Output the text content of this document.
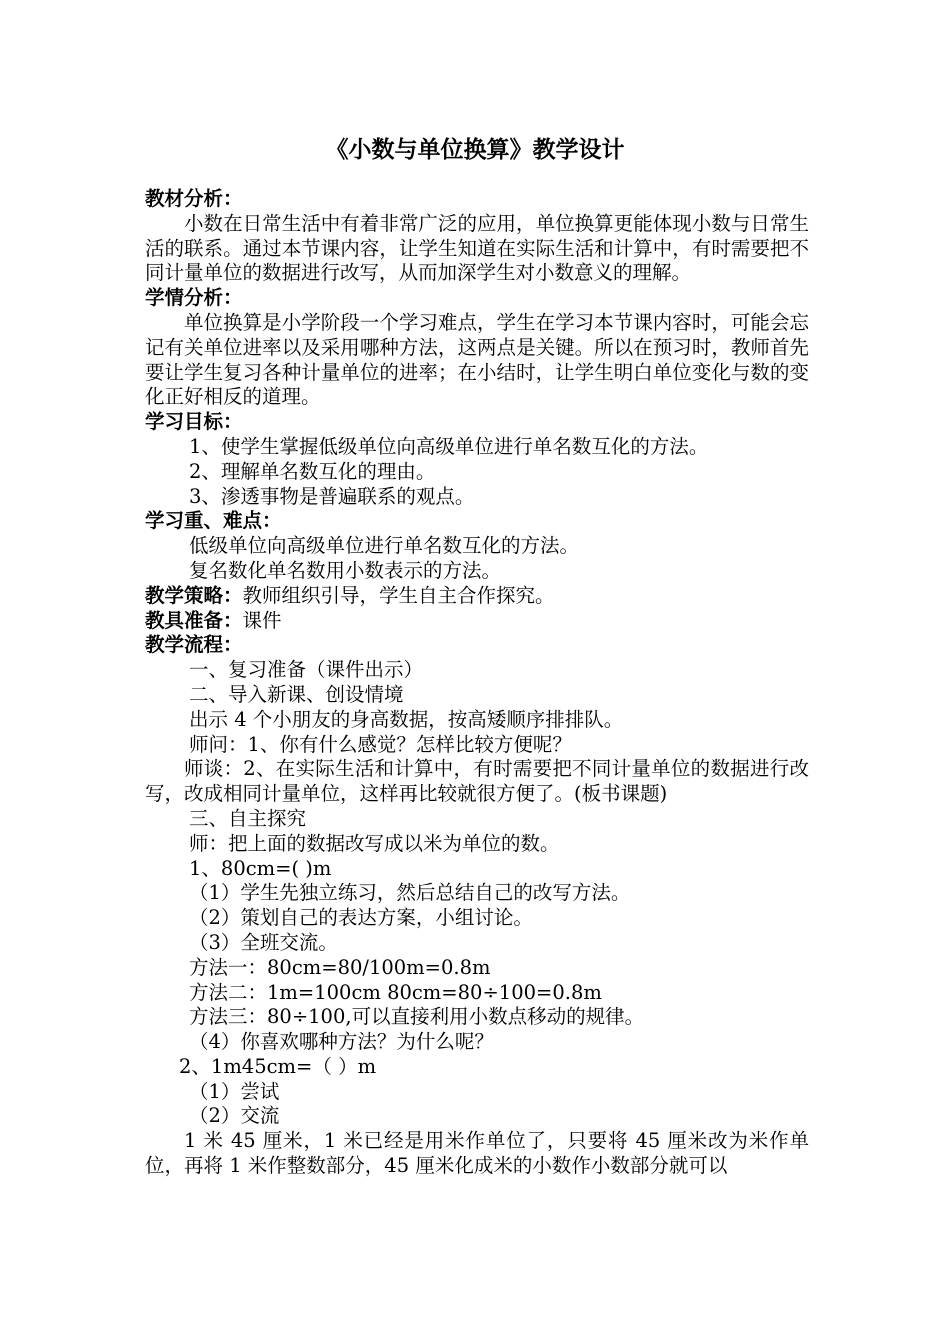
《小数与单位换算》教学设计

教材分析：

小数在日常生活中有着非常广泛的应用，单位换算更能体现小数与日常生活的联系。通过本节课内容，让学生知道在实际生活和计算中，有时需要把不同计量单位的数据进行改写，从而加深学生对小数意义的理解。

学情分析：

单位换算是小学阶段一个学习难点，学生在学习本节课内容时，可能会忘记有关单位进率以及采用哪种方法，这两点是关键。所以在预习时，教师首先要让学生复习各种计量单位的进率；在小结时，让学生明白单位变化与数的变化正好相反的道理。

学习目标：

1、使学生掌握低级单位向高级单位进行单名数互化的方法。

2、理解单名数互化的理由。

3、渗透事物是普遍联系的观点。

学习重、难点：

低级单位向高级单位进行单名数互化的方法。

复名数化单名数用小数表示的方法。

教学策略：教师组织引导，学生自主合作探究。

教具准备：课件

教学流程：

一、复习准备（课件出示）

二、导入新课、创设情境

出示 4 个小朋友的身高数据，按高矮顺序排排队。

师问：1、你有什么感觉？怎样比较方便呢？

师谈：2、在实际生活和计算中，有时需要把不同计量单位的数据进行改写，改成相同计量单位，这样再比较就很方便了。(板书课题)

三、自主探究

师：把上面的数据改写成以米为单位的数。

1、80cm=( )m

（1）学生先独立练习，然后总结自己的改写方法。

（2）策划自己的表达方案，小组讨论。

（3）全班交流。

方法一：80cm=80/100m=0.8m

方法二：1m=100cm 80cm=80÷100=0.8m

方法三：80÷100,可以直接利用小数点移动的规律。

（4）你喜欢哪种方法？为什么呢？

2、1m45cm=（ ）m

（1）尝试

（2）交流

1 米 45 厘米，1 米已经是用米作单位了，只要将 45 厘米改为米作单位，再将 1 米作整数部分，45 厘米化成米的小数作小数部分就可以
